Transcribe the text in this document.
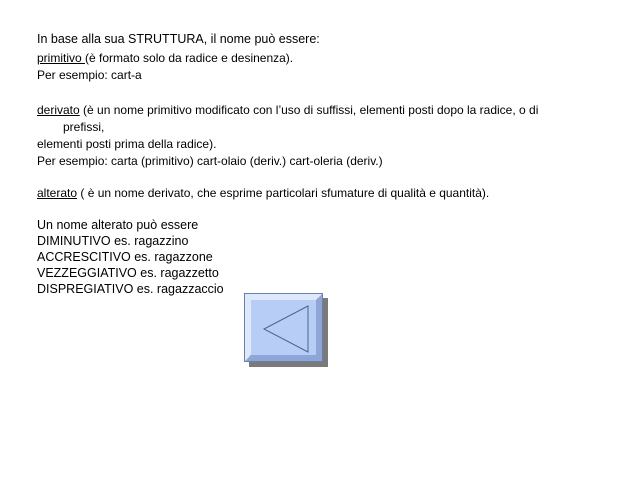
In base alla sua STRUTTURA, il nome può essere:
primitivo (è formato solo da radice e desinenza).
Per esempio: cart-a
derivato (è un nome primitivo modificato con l’uso di suffissi, elementi posti dopo la radice, o di
prefissi,
elementi posti prima della radice).
Per esempio: carta (primitivo) cart-olaio (deriv.) cart-oleria (deriv.)
alterato ( è un nome derivato, che esprime particolari sfumature di qualità e quantità).
Un nome alterato può essere
DIMINUTIVO es. ragazzino
ACCRESCITIVO es. ragazzone
VEZZEGGIATIVO es. ragazzetto
DISPREGIATIVO es. ragazzaccio
